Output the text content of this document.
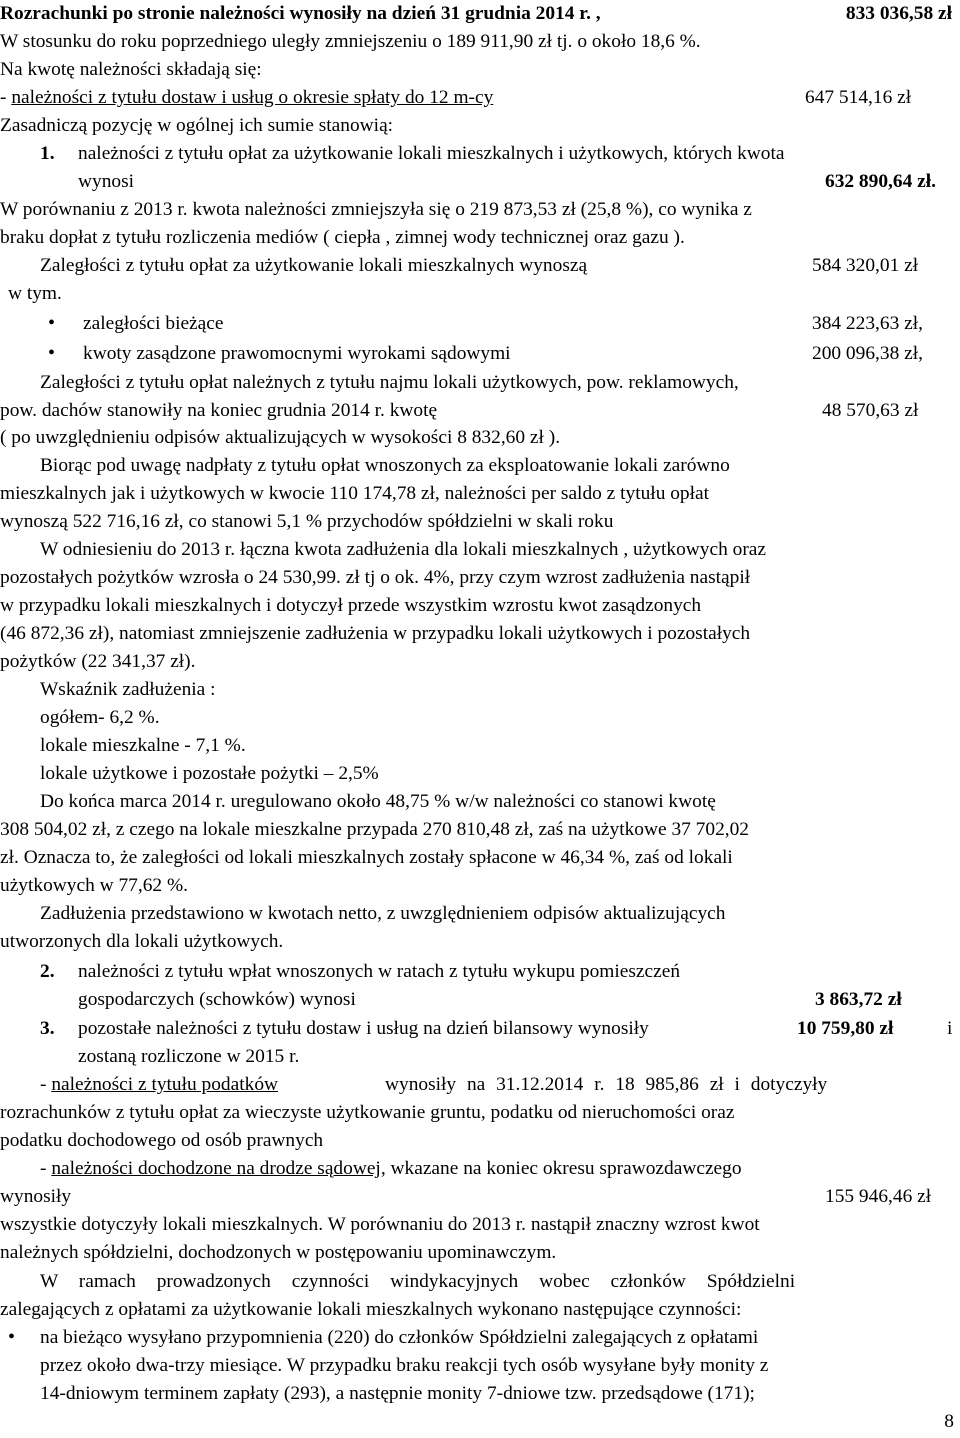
Rozrachunki po stronie należności wynosiły na dzień 31 grudnia 2014 r. ,	833 036,58 zł
W stosunku do roku poprzedniego uległy zmniejszeniu o 189 911,90 zł tj. o około 18,6 %.
Na kwotę należności składają się:
- należności z tytułu dostaw i usług o okresie spłaty do 12 m-cy	647 514,16 zł
Zasadniczą pozycję w ogólnej ich sumie stanowią:
1. należności z tytułu opłat za użytkowanie lokali mieszkalnych i użytkowych, których kwota
wynosi	632 890,64 zł.
W porównaniu z 2013 r. kwota należności zmniejszyła się o 219 873,53 zł (25,8 %), co wynika z
braku dopłat z tytułu rozliczenia mediów ( ciepła , zimnej wody technicznej oraz gazu ).
Zaległości z tytułu opłat za użytkowanie lokali mieszkalnych wynoszą	584 320,01 zł
w tym.
• zaległości bieżące	384 223,63 zł,
• kwoty zasądzone prawomocnymi wyrokami sądowymi	200 096,38 zł,
Zaległości z tytułu opłat należnych z tytułu najmu lokali użytkowych, pow. reklamowych,
pow. dachów stanowiły na koniec grudnia 2014 r. kwotę	48 570,63 zł
( po uwzględnieniu odpisów aktualizujących w wysokości 8 832,60 zł ).
Biorąc pod uwagę nadpłaty z tytułu opłat wnoszonych za eksploatowanie lokali zarówno
mieszkalnych jak i użytkowych w kwocie 110 174,78 zł, należności per saldo z tytułu opłat
wynoszą 522 716,16 zł, co stanowi 5,1 % przychodów spółdzielni w skali roku
W odniesieniu do 2013 r. łączna kwota zadłużenia dla lokali mieszkalnych , użytkowych oraz
pozostałych pożytków wzrosła o 24 530,99. zł tj o ok. 4%, przy czym wzrost zadłużenia nastąpił
w przypadku lokali mieszkalnych i dotyczył przede wszystkim wzrostu kwot zasądzonych
(46 872,36 zł), natomiast zmniejszenie zadłużenia w przypadku lokali użytkowych i pozostałych
pożytków (22 341,37 zł).
Wskaźnik zadłużenia :
ogółem- 6,2 %.
lokale mieszkalne - 7,1 %.
lokale użytkowe i pozostałe pożytki – 2,5%
Do końca marca 2014 r. uregulowano około 48,75 % w/w należności co stanowi kwotę
308 504,02 zł, z czego na lokale mieszkalne przypada 270 810,48 zł, zaś na użytkowe 37 702,02
zł. Oznacza to, że zaległości od lokali mieszkalnych zostały spłacone w 46,34 %, zaś od lokali
użytkowych w 77,62 %.
Zadłużenia przedstawiono w kwotach netto, z uwzględnieniem odpisów aktualizujących
utworzonych dla lokali użytkowych.
2. należności z tytułu wpłat wnoszonych w ratach z tytułu wykupu pomieszczeń
gospodarczych (schowków) wynosi	3 863,72 zł
3. pozostałe należności z tytułu dostaw i usług na dzień bilansowy wynosiły	10 759,80 zł	i
zostaną rozliczone w 2015 r.
- należności z tytułu podatków	wynosiły na 31.12.2014 r. 18 985,86 zł i dotyczyły
rozrachunków z tytułu opłat za wieczyste użytkowanie gruntu, podatku od nieruchomości oraz
podatku dochodowego od osób prawnych
- należności dochodzone na drodze sądowej, wkazane na koniec okresu sprawozdawczego
wynosiły	155 946,46 zł
wszystkie dotyczyły lokali mieszkalnych. W porównaniu do 2013 r. nastąpił znaczny wzrost kwot
należnych spółdzielni, dochodzonych w postępowaniu upominawczym.
W ramach prowadzonych czynności windykacyjnych wobec członków Spółdzielni
zalegających z opłatami za użytkowanie lokali mieszkalnych wykonano następujące czynności:
• na bieżąco wysyłano przypomnienia (220) do członków Spółdzielni zalegających z opłatami
przez około dwa-trzy miesiące. W przypadku braku reakcji tych osób wysyłane były monity z
14-dniowym terminem zapłaty (293), a następnie monity 7-dniowe tzw. przedsądowe (171);
8
